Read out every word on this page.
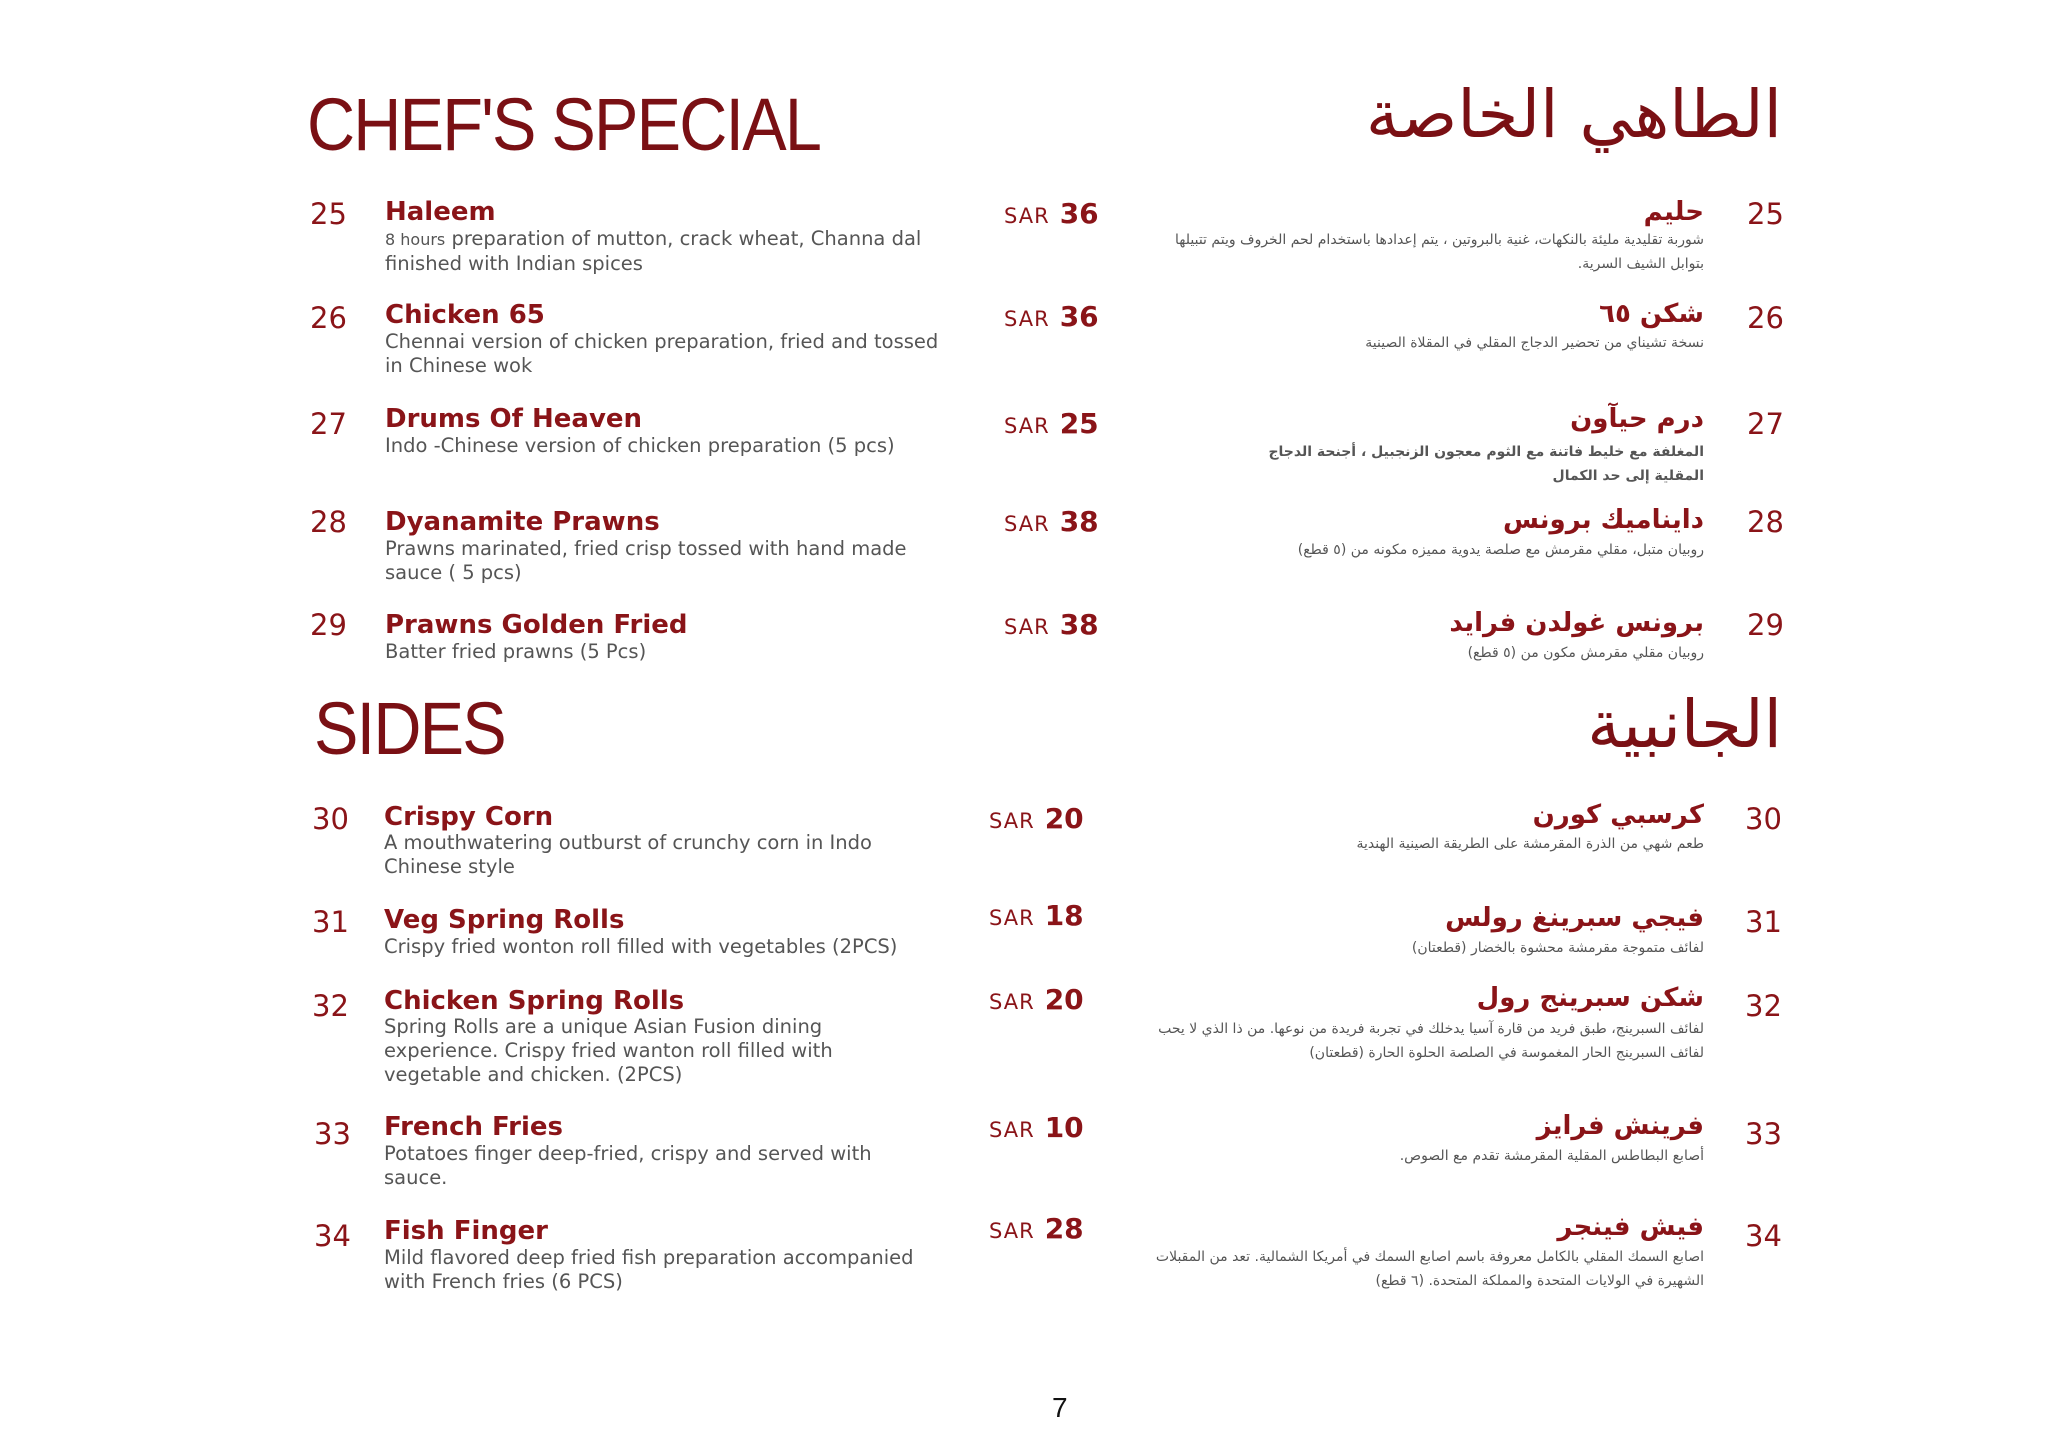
CHEF'S SPECIAL	الطاهي الخاصة
SIDES	الجانبية
25 Haleem
8 hours preparation of mutton, crack wheat, Channa dal finished with Indian spices
SAR 36	حليم
شوربة تقليدية مليئة بالنكهات، غنية بالبروتين ، يتم إعدادها باستخدام لحم الخروف ويتم تتبيلها بتوابل الشيف السرية.
25
26 Chicken 65
Chennai version of chicken preparation, fried and tossed in Chinese wok
SAR 36	شكن ٦٥
نسخة تشيناي من تحضير الدجاج المقلي في المقلاة الصينية
26
27 Drums Of Heaven
Indo -Chinese version of chicken preparation (5 pcs)
SAR 25	درم حيآون
المغلفة مع خليط فاتنة مع الثوم معجون الزنجبيل ، أجنحة الدجاج المقلية إلى حد الكمال
27
28 Dyanamite Prawns
Prawns marinated, fried crisp tossed with hand made sauce ( 5 pcs)
SAR 38	دايناميك برونس
روبيان متبل، مقلي مقرمش مع صلصة يدوية مميزه مكونه من (٥ قطع)
28
29 Prawns Golden Fried
Batter fried prawns (5 Pcs)
SAR 38	برونس غولدن فرايد
روبيان مقلي مقرمش مكون من (٥ قطع)
29
30 Crispy Corn
A mouthwatering outburst of crunchy corn in Indo Chinese style
SAR 20	كرسبي كورن
طعم شهي من الذرة المقرمشة على الطريقة الصينية الهندية
30
31 Veg Spring Rolls
Crispy fried wonton roll filled with vegetables (2PCS)
SAR 18	فيجي سبرينغ رولس
لفائف متموجة مقرمشة محشوة بالخضار (قطعتان)
31
32 Chicken Spring Rolls
Spring Rolls are a unique Asian Fusion dining experience. Crispy fried wanton roll filled with vegetable and chicken. (2PCS)
SAR 20	شكن سبرينج رول
لفائف السبرينج، طبق فريد من قارة آسيا يدخلك في تجربة فريدة من نوعها. من ذا الذي لا يحب لفائف السبرينج الحار المغموسة في الصلصة الحلوة الحارة (قطعتان)
32
33 French Fries
Potatoes finger deep-fried, crispy and served with sauce.
SAR 10	فرينش فرايز
أصابع البطاطس المقلية المقرمشة تقدم مع الصوص.
33
34 Fish Finger
Mild flavored deep fried fish preparation accompanied with French fries (6 PCS)
SAR 28	فيش فينجر
اصابع السمك المقلي بالكامل معروفة باسم اصابع السمك في أمريكا الشمالية. تعد من المقبلات الشهيرة في الولايات المتحدة والمملكة المتحدة. (٦ قطع)
34
7
